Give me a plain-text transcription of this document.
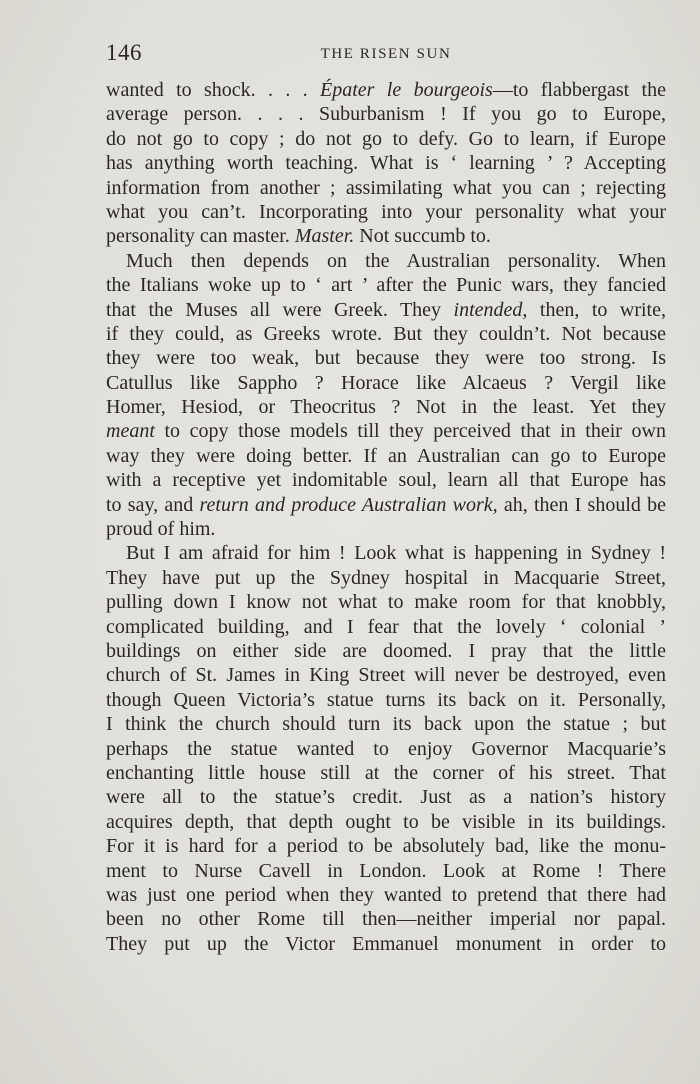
146	THE RISEN SUN
wanted to shock. . . . Épater le bourgeois—to flabbergast the
average person. . . . Suburbanism ! If you go to Europe,
do not go to copy ; do not go to defy. Go to learn, if Europe
has anything worth teaching. What is ‘ learning ’ ? Accepting
information from another ; assimilating what you can ; rejecting
what you can’t. Incorporating into your personality what your
personality can master. Master. Not succumb to.
Much then depends on the Australian personality. When
the Italians woke up to ‘ art ’ after the Punic wars, they fancied
that the Muses all were Greek. They intended, then, to write,
if they could, as Greeks wrote. But they couldn’t. Not because
they were too weak, but because they were too strong. Is
Catullus like Sappho ? Horace like Alcaeus ? Vergil like
Homer, Hesiod, or Theocritus ? Not in the least. Yet they
meant to copy those models till they perceived that in their own
way they were doing better. If an Australian can go to Europe
with a receptive yet indomitable soul, learn all that Europe has
to say, and return and produce Australian work, ah, then I should be
proud of him.
But I am afraid for him ! Look what is happening in Sydney !
They have put up the Sydney hospital in Macquarie Street,
pulling down I know not what to make room for that knobbly,
complicated building, and I fear that the lovely ‘ colonial ’
buildings on either side are doomed. I pray that the little
church of St. James in King Street will never be destroyed, even
though Queen Victoria’s statue turns its back on it. Personally,
I think the church should turn its back upon the statue ; but
perhaps the statue wanted to enjoy Governor Macquarie’s
enchanting little house still at the corner of his street. That
were all to the statue’s credit. Just as a nation’s history
acquires depth, that depth ought to be visible in its buildings.
For it is hard for a period to be absolutely bad, like the monu-
ment to Nurse Cavell in London. Look at Rome ! There
was just one period when they wanted to pretend that there had
been no other Rome till then—neither imperial nor papal.
They put up the Victor Emmanuel monument in order to
